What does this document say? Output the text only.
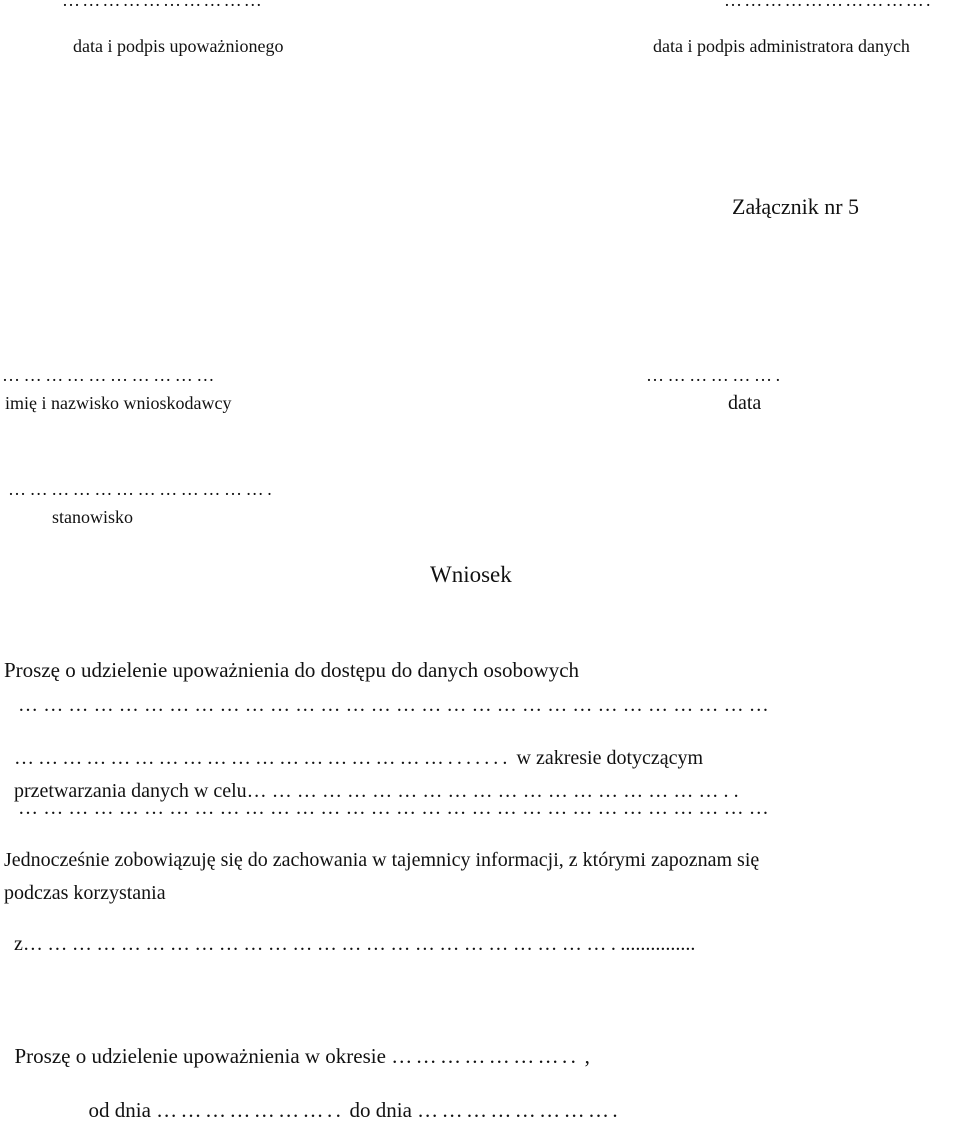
…………………………	………………………….
data i podpis upoważnionego	data i podpis administratora danych
Załącznik nr 5
…………………………	……………….
imię i nazwisko wnioskodawcy	data
……………………………….
stanowisko
Wniosek
Proszę o udzielenie upoważnienia do dostępu do danych osobowych
………………………………………………………………………………

………………………………………………....... w zakresie dotyczącym

przetwarzania danych w celu…………………………………………………..

………………………………………………………………………………
Jednocześnie zobowiązuję się do zachowania w tajemnicy informacji, z którymi zapoznam się
podczas korzystania

z………………………………………………………………................

Proszę o udzielenie upoważnienia w okresie ………………….. ,

od dnia ………………….. do dnia …………………….
